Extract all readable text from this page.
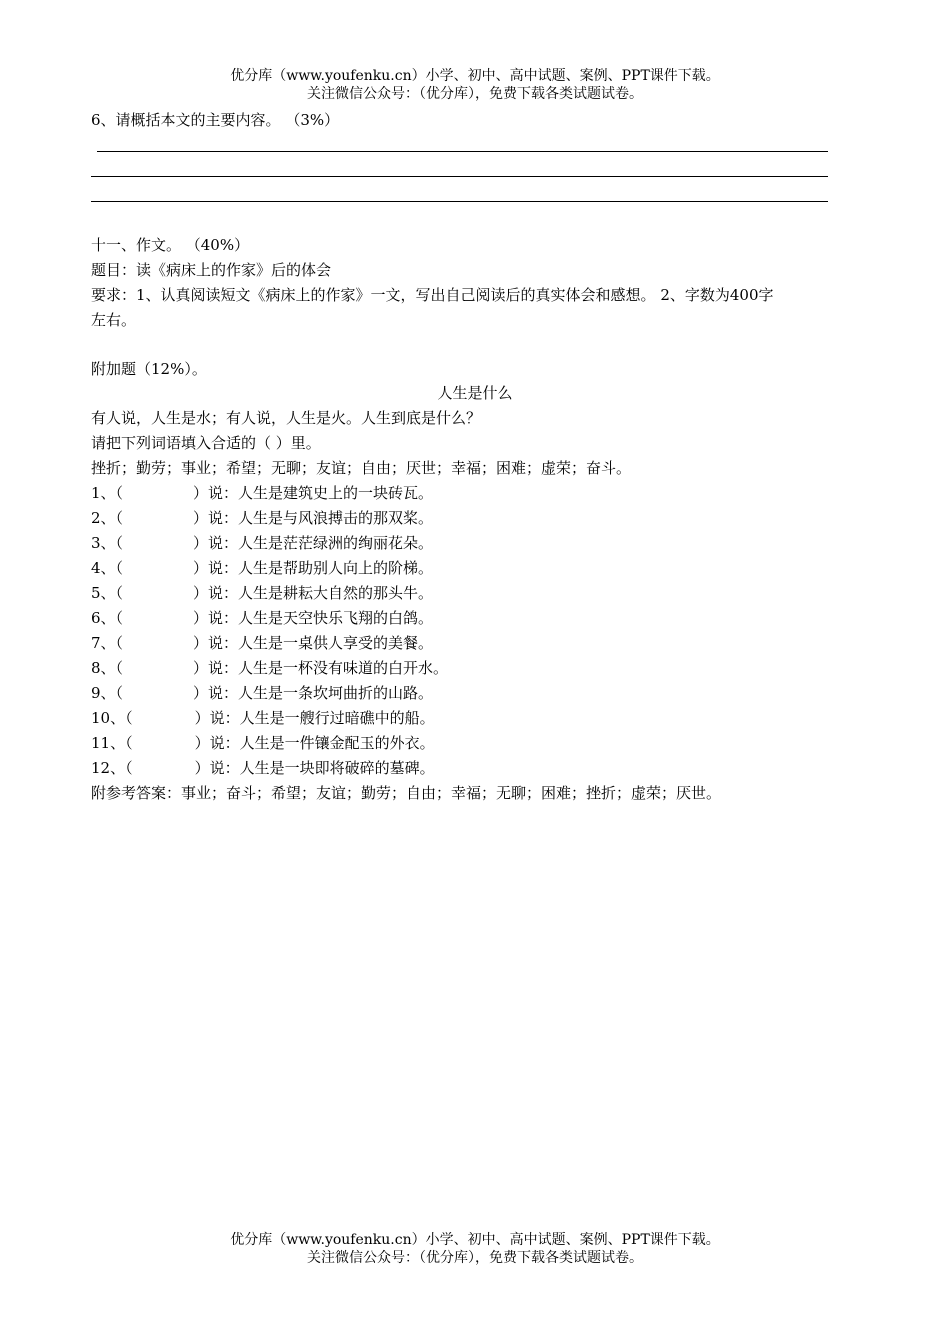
优分库（www.youfenku.cn）小学、初中、高中试题、案例、PPT课件下载。
关注微信公众号：（优分库），免费下载各类试题试卷。
6、请概括本文的主要内容。 （3%）
十一、作文。 （40%）
题目：读《病床上的作家》后的体会
要求：1、认真阅读短文《病床上的作家》一文，写出自己阅读后的真实体会和感想。 2、字数为400字
左右。
附加题（12%）。
人生是什么
有人说，人生是水；有人说，人生是火。人生到底是什么？
请把下列词语填入合适的（ ）里。
挫折；勤劳；事业；希望；无聊；友谊；自由；厌世；幸福；困难；虚荣；奋斗。
1、（	）说：人生是建筑史上的一块砖瓦。
2、（	）说：人生是与风浪搏击的那双桨。
3、（	）说：人生是茫茫绿洲的绚丽花朵。
4、（	）说：人生是帮助别人向上的阶梯。
5、（	）说：人生是耕耘大自然的那头牛。
6、（	）说：人生是天空快乐飞翔的白鸽。
7、（	）说：人生是一桌供人享受的美餐。
8、（	）说：人生是一杯没有味道的白开水。
9、（	）说：人生是一条坎坷曲折的山路。
10、（	）说：人生是一艘行过暗礁中的船。
11、（	）说：人生是一件镶金配玉的外衣。
12、（	）说：人生是一块即将破碎的墓碑。
附参考答案：事业；奋斗；希望；友谊；勤劳；自由；幸福；无聊；困难；挫折；虚荣；厌世。
优分库（www.youfenku.cn）小学、初中、高中试题、案例、PPT课件下载。
关注微信公众号：（优分库），免费下载各类试题试卷。
